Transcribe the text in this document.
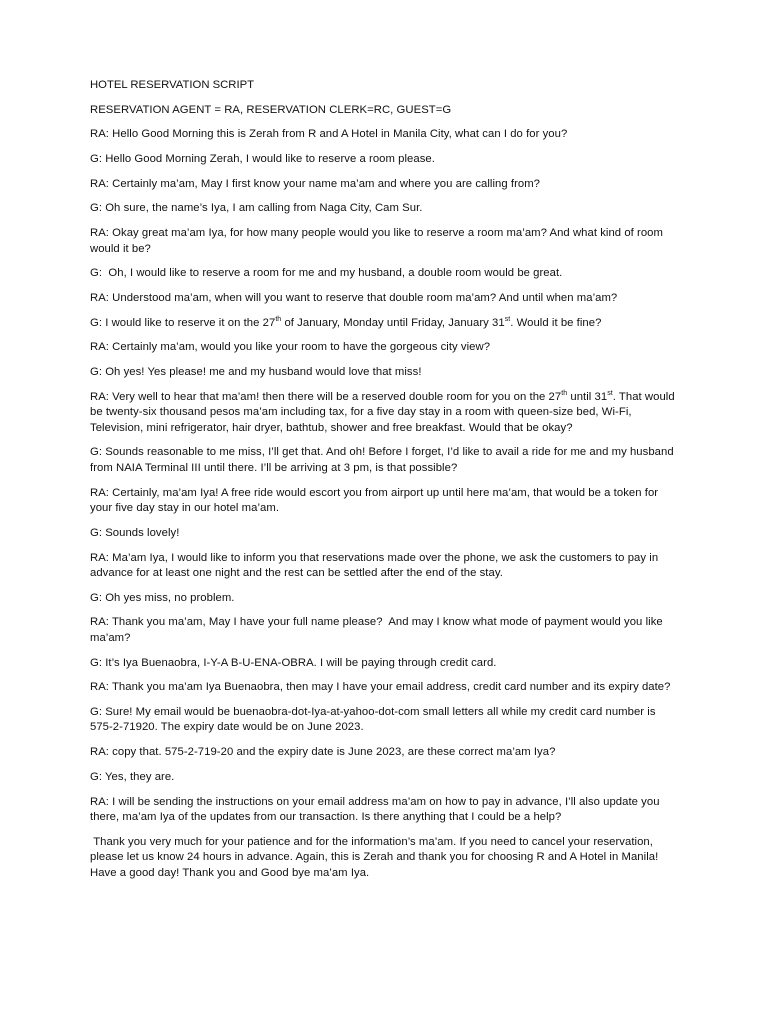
HOTEL RESERVATION SCRIPT

RESERVATION AGENT = RA, RESERVATION CLERK=RC, GUEST=G

RA: Hello Good Morning this is Zerah from R and A Hotel in Manila City, what can I do for you?

G: Hello Good Morning Zerah, I would like to reserve a room please.

RA: Certainly ma’am, May I first know your name ma’am and where you are calling from?

G: Oh sure, the name’s Iya, I am calling from Naga City, Cam Sur.

RA: Okay great ma’am Iya, for how many people would you like to reserve a room ma’am? And what kind of room would it be?

G:  Oh, I would like to reserve a room for me and my husband, a double room would be great.

RA: Understood ma’am, when will you want to reserve that double room ma’am? And until when ma’am?

G: I would like to reserve it on the 27th of January, Monday until Friday, January 31st. Would it be fine?

RA: Certainly ma’am, would you like your room to have the gorgeous city view?

G: Oh yes! Yes please! me and my husband would love that miss!

RA: Very well to hear that ma’am! then there will be a reserved double room for you on the 27th until 31st. That would be twenty-six thousand pesos ma’am including tax, for a five day stay in a room with queen-size bed, Wi-Fi, Television, mini refrigerator, hair dryer, bathtub, shower and free breakfast. Would that be okay?

G: Sounds reasonable to me miss, I’ll get that. And oh! Before I forget, I’d like to avail a ride for me and my husband from NAIA Terminal III until there. I’ll be arriving at 3 pm, is that possible?

RA: Certainly, ma’am Iya! A free ride would escort you from airport up until here ma’am, that would be a token for your five day stay in our hotel ma’am.

G: Sounds lovely!

RA: Ma’am Iya, I would like to inform you that reservations made over the phone, we ask the customers to pay in advance for at least one night and the rest can be settled after the end of the stay.

G: Oh yes miss, no problem.

RA: Thank you ma’am, May I have your full name please?  And may I know what mode of payment would you like ma’am?

G: It’s Iya Buenaobra, I-Y-A B-U-ENA-OBRA. I will be paying through credit card.

RA: Thank you ma’am Iya Buenaobra, then may I have your email address, credit card number and its expiry date?

G: Sure! My email would be buenaobra-dot-Iya-at-yahoo-dot-com small letters all while my credit card number is 575-2-71920. The expiry date would be on June 2023.

RA: copy that. 575-2-719-20 and the expiry date is June 2023, are these correct ma’am Iya?

G: Yes, they are.

RA: I will be sending the instructions on your email address ma’am on how to pay in advance, I’ll also update you there, ma’am Iya of the updates from our transaction. Is there anything that I could be a help?

Thank you very much for your patience and for the information’s ma’am. If you need to cancel your reservation, please let us know 24 hours in advance. Again, this is Zerah and thank you for choosing R and A Hotel in Manila! Have a good day! Thank you and Good bye ma’am Iya.
